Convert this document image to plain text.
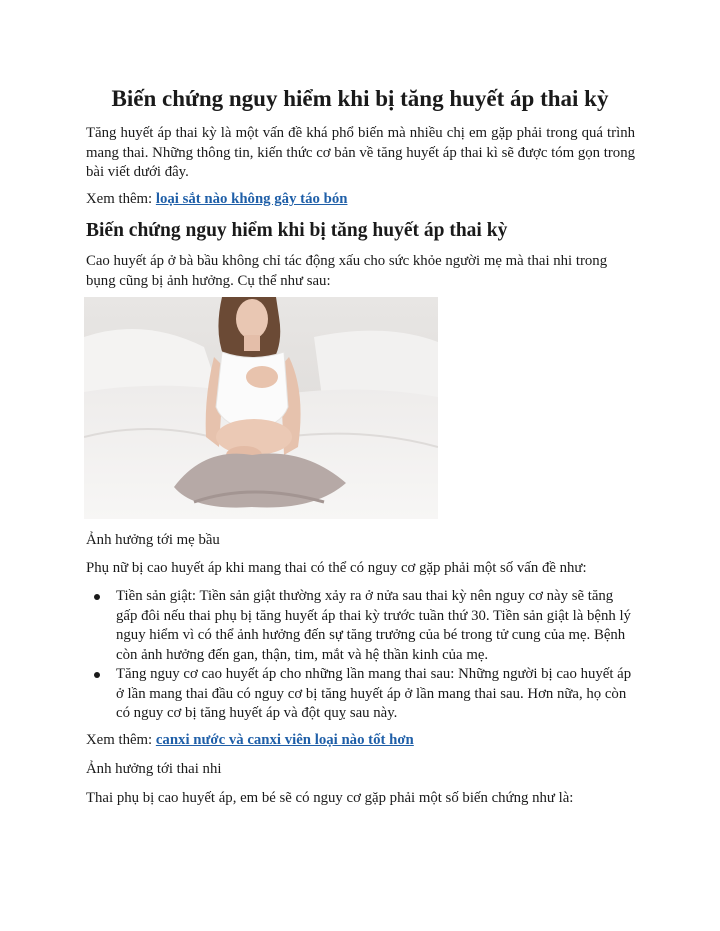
Biến chứng nguy hiểm khi bị tăng huyết áp thai kỳ

Tăng huyết áp thai kỳ là một vấn đề khá phổ biến mà nhiều chị em gặp phải trong quá trình mang thai. Những thông tin, kiến thức cơ bản về tăng huyết áp thai kì sẽ được tóm gọn trong bài viết dưới đây.

Xem thêm: loại sắt nào không gây táo bón

Biến chứng nguy hiểm khi bị tăng huyết áp thai kỳ

Cao huyết áp ở bà bầu không chỉ tác động xấu cho sức khỏe người mẹ mà thai nhi trong bụng cũng bị ảnh hưởng. Cụ thể như sau:

Ảnh hưởng tới mẹ bầu

Phụ nữ bị cao huyết áp khi mang thai có thể có nguy cơ gặp phải một số vấn đề như:

Tiền sản giật: Tiền sản giật thường xảy ra ở nửa sau thai kỳ nên nguy cơ này sẽ tăng gấp đôi nếu thai phụ bị tăng huyết áp thai kỳ trước tuần thứ 30. Tiền sản giật là bệnh lý nguy hiểm vì có thể ảnh hưởng đến sự tăng trưởng của bé trong tử cung của mẹ. Bệnh còn ảnh hưởng đến gan, thận, tim, mắt và hệ thần kinh của mẹ.
Tăng nguy cơ cao huyết áp cho những lần mang thai sau: Những người bị cao huyết áp ở lần mang thai đầu có nguy cơ bị tăng huyết áp ở lần mang thai sau. Hơn nữa, họ còn có nguy cơ bị tăng huyết áp và đột quỵ sau này.

Xem thêm: canxi nước và canxi viên loại nào tốt hơn

Ảnh hưởng tới thai nhi

Thai phụ bị cao huyết áp, em bé sẽ có nguy cơ gặp phải một số biến chứng như là:
